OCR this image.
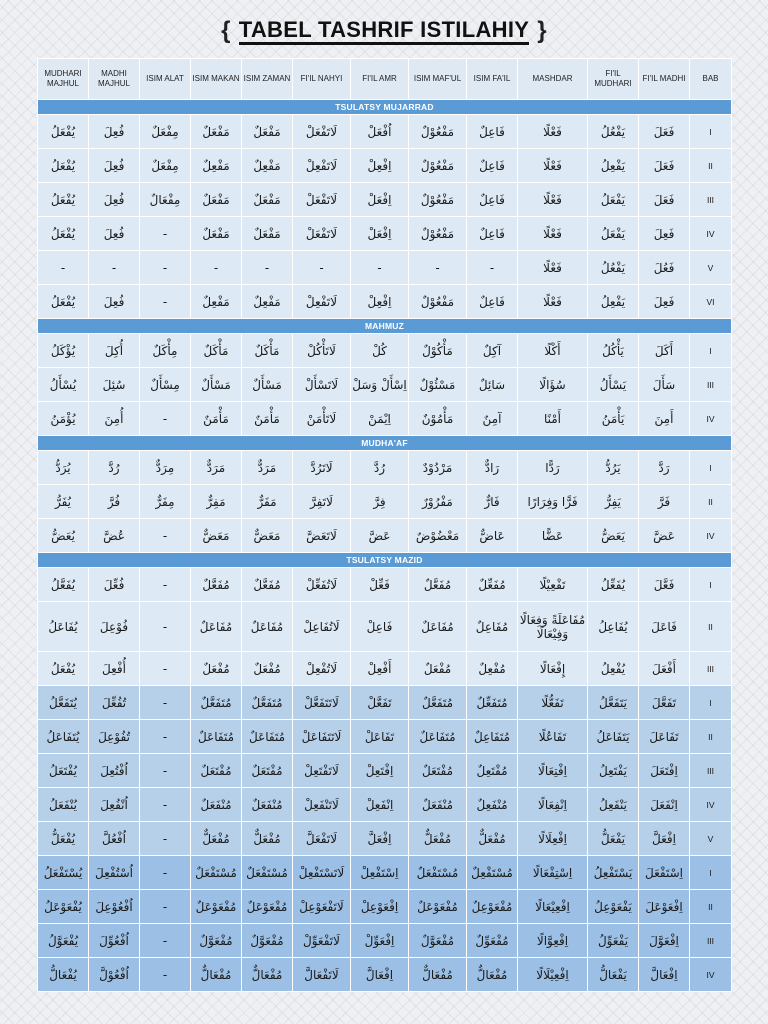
{ TABEL TASHRIF ISTILAHIY }
MUDHARI MAJHUL	MADHI MAJHUL	ISIM ALAT	ISIM MAKAN	ISIM ZAMAN	FI'IL NAHYI	FI'IL AMR	ISIM MAF'UL	ISIM FA'IL	MASHDAR	FI'IL MUDHARI	FI'IL MADHI	BAB
TSULATSY MUJARRAD												
يُفْعَلُ	فُعِلَ	مِفْعَلٌ	مَفْعَلٌ	مَفْعَلٌ	لَاتَفْعَلْ	اُفْعَلْ	مَفْعُوْلٌ	فَاعِلٌ	فَعْلًا	يَفْعُلُ	فَعَلَ	I
يُفْعَلُ	فُعِلَ	مِفْعَلٌ	مَفْعِلٌ	مَفْعِلٌ	لَاتَفْعِلْ	اِفْعِلْ	مَفْعُوْلٌ	فَاعِلٌ	فَعْلًا	يَفْعِلُ	فَعَلَ	II
يُفْعَلُ	فُعِلَ	مِفْعَالٌ	مَفْعَلٌ	مَفْعَلٌ	لَاتَفْعَلْ	اِفْعَلْ	مَفْعُوْلٌ	فَاعِلٌ	فَعْلًا	يَفْعَلُ	فَعَلَ	III
يُفْعَلُ	فُعِلَ	-	مَفْعَلٌ	مَفْعَلٌ	لَاتَفْعَلْ	اِفْعَلْ	مَفْعُوْلٌ	فَاعِلٌ	فَعْلًا	يَفْعَلُ	فَعِلَ	IV
-	-	-	-	-	-	-	-	-	فَعْلًا	يَفْعُلُ	فَعُلَ	V
يُفْعَلُ	فُعِلَ	-	مَفْعِلٌ	مَفْعِلٌ	لَاتَفْعِلْ	اِفْعِلْ	مَفْعُوْلٌ	فَاعِلٌ	فَعْلًا	يَفْعِلُ	فَعِلَ	VI
MAHMUZ												
يُؤْكَلُ	أُكِلَ	مِأْكَلٌ	مَأْكَلٌ	مَأْكَلٌ	لَاتَأْكُلْ	كُلْ	مَأْكُوْلٌ	آكِلٌ	أَكْلًا	يَأْكُلُ	أَكَلَ	I
يُسْأَلُ	سُئِلَ	مِسْأَلٌ	مَسْأَلٌ	مَسْأَلٌ	لَاتَسْأَلْ	اِسْأَلْ وَسَلْ	مَسْئُوْلٌ	سَائِلٌ	سُؤَالًا	يَسْأَلُ	سَأَلَ	III
يُؤْمَنُ	أُمِنَ	-	مَأْمَنٌ	مَأْمَنٌ	لَاتَأْمَنْ	اِيْمَنْ	مَأْمُوْنٌ	آمِنٌ	أَمْنًا	يَأْمَنُ	أَمِنَ	IV
MUDHA'AF												
يُرَدُّ	رُدَّ	مِرَدٌّ	مَرَدٌّ	مَرَدٌّ	لَاتَرُدَّ	رُدَّ	مَرْدُوْدٌ	رَادٌّ	رَدًّا	يَرُدُّ	رَدَّ	I
يُفَرُّ	فُرَّ	مِفَرٌّ	مَفِرٌّ	مَفَرٌّ	لَاتَفِرَّ	فِرَّ	مَفْرُوْرٌ	فَارٌّ	فَرًّا وَفِرَارًا	يَفِرُّ	فَرَّ	II
يُعَضُّ	عُضَّ	-	مَعَضٌّ	مَعَضٌّ	لَاتَعَضَّ	عَضَّ	مَعْضُوْضٌ	عَاضٌّ	عَضًّا	يَعَضُّ	عَضَّ	IV
TSULATSY MAZID												
يُفَعَّلُ	فُعِّلَ	-	مُفَعَّلٌ	مُفَعَّلٌ	لَاتُفَعِّلْ	فَعِّلْ	مُفَعَّلٌ	مُفَعِّلٌ	تَفْعِيْلًا	يُفَعِّلُ	فَعَّلَ	I
يُفَاعَلُ	فُوْعِلَ	-	مُفَاعَلٌ	مُفَاعَلٌ	لَاتُفَاعِلْ	فَاعِلْ	مُفَاعَلٌ	مُفَاعِلٌ	مُفَاعَلَةً وَفِعَالًا وَفِيْعَالًا	يُفَاعِلُ	فَاعَلَ	II
يُفْعَلُ	أُفْعِلَ	-	مُفْعَلٌ	مُفْعَلٌ	لَاتُفْعِلْ	أَفْعِلْ	مُفْعَلٌ	مُفْعِلٌ	إِفْعَالًا	يُفْعِلُ	أَفْعَلَ	III
يُتَفَعَّلُ	تُفُعِّلَ	-	مُتَفَعَّلٌ	مُتَفَعَّلٌ	لَاتَتَفَعَّلْ	تَفَعَّلْ	مُتَفَعَّلٌ	مُتَفَعِّلٌ	تَفَعُّلًا	يَتَفَعَّلُ	تَفَعَّلَ	I
يُتَفَاعَلُ	تُفُوْعِلَ	-	مُتَفَاعَلٌ	مُتَفَاعَلٌ	لَاتَتَفَاعَلْ	تَفَاعَلْ	مُتَفَاعَلٌ	مُتَفَاعِلٌ	تَفَاعُلًا	يَتَفَاعَلُ	تَفَاعَلَ	II
يُفْتَعَلُ	اُفْتُعِلَ	-	مُفْتَعَلٌ	مُفْتَعَلٌ	لَاتَفْتَعِلْ	اِفْتَعِلْ	مُفْتَعَلٌ	مُفْتَعِلٌ	اِفْتِعَالًا	يَفْتَعِلُ	اِفْتَعَلَ	III
يُنْفَعَلُ	اُنْفُعِلَ	-	مُنْفَعَلٌ	مُنْفَعَلٌ	لَاتَنْفَعِلْ	اِنْفَعِلْ	مُنْفَعَلٌ	مُنْفَعِلٌ	اِنْفِعَالًا	يَنْفَعِلُ	اِنْفَعَلَ	IV
يُفْعَلُّ	اُفْعُلَّ	-	مُفْعَلٌّ	مُفْعَلٌّ	لَاتَفْعَلَّ	اِفْعَلَّ	مُفْعَلٌّ	مُفْعَلٌّ	اِفْعِلَالًا	يَفْعَلُّ	اِفْعَلَّ	V
يُسْتَفْعَلُ	اُسْتُفْعِلَ	-	مُسْتَفْعَلٌ	مُسْتَفْعَلٌ	لَاتَسْتَفْعِلْ	اِسْتَفْعِلْ	مُسْتَفْعَلٌ	مُسْتَفْعِلٌ	اِسْتِفْعَالًا	يَسْتَفْعِلُ	اِسْتَفْعَلَ	I
يُفْعَوْعَلُ	اُفْعُوْعِلَ	-	مُفْعَوْعَلٌ	مُفْعَوْعَلٌ	لَاتَفْعَوْعِلْ	اِفْعَوْعِلْ	مُفْعَوْعَلٌ	مُفْعَوْعِلٌ	اِفْعِيْعَالًا	يَفْعَوْعِلُ	اِفْعَوْعَلَ	II
يُفْعَوَّلُ	اُفْعُوِّلَ	-	مُفْعَوَّلٌ	مُفْعَوَّلٌ	لَاتَفْعَوِّلْ	اِفْعَوِّلْ	مُفْعَوَّلٌ	مُفْعَوِّلٌ	اِفْعِوَّالًا	يَفْعَوِّلُ	اِفْعَوَّلَ	III
يُفْعَالُّ	اُفْعُوْلَّ	-	مُفْعَالٌّ	مُفْعَالٌّ	لَاتَفْعَالَّ	اِفْعَالَّ	مُفْعَالٌّ	مُفْعَالٌّ	اِفْعِيْلَالًا	يَفْعَالُّ	اِفْعَالَّ	IV
